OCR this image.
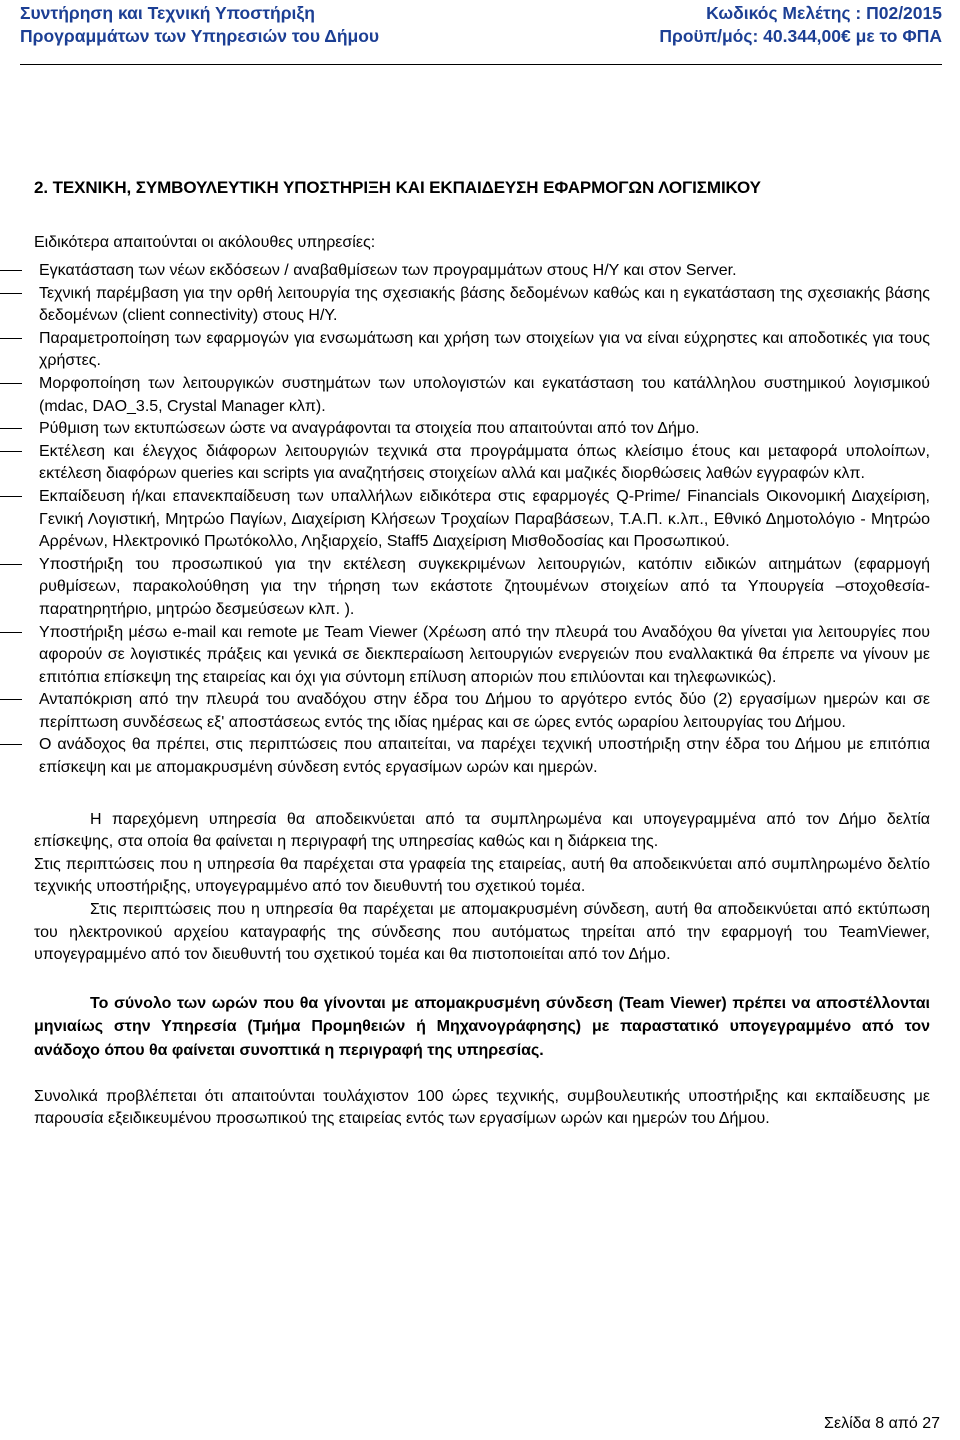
Συντήρηση και Τεχνική Υποστήριξη
Προγραμμάτων των Υπηρεσιών του Δήμου
Κωδικός Μελέτης : Π02/2015
Προϋπ/μός: 40.344,00€ με το ΦΠΑ
2. ΤΕΧΝΙΚΗ, ΣΥΜΒΟΥΛΕΥΤΙΚΗ ΥΠΟΣΤΗΡΙΞΗ ΚΑΙ ΕΚΠΑΙΔΕΥΣΗ ΕΦΑΡΜΟΓΩΝ ΛΟΓΙΣΜΙΚΟΥ

Ειδικότερα απαιτούνται οι ακόλουθες υπηρεσίες:

Εγκατάσταση των νέων εκδόσεων / αναβαθμίσεων των προγραμμάτων στους Η/Υ και στον Server.
Τεχνική παρέμβαση για την ορθή λειτουργία της σχεσιακής βάσης δεδομένων καθώς και η εγκατάσταση της σχεσιακής βάσης δεδομένων (client connectivity) στους Η/Υ.
Παραμετροποίηση των εφαρμογών για ενσωμάτωση και χρήση των στοιχείων για να είναι εύχρηστες και αποδοτικές για τους χρήστες.
Μορφοποίηση των λειτουργικών συστημάτων των υπολογιστών και εγκατάσταση του κατάλληλου συστημικού λογισμικού (mdac, DAO_3.5, Crystal Manager κλπ).
Ρύθμιση των εκτυπώσεων ώστε να αναγράφονται τα στοιχεία που απαιτούνται από τον Δήμο.
Εκτέλεση και έλεγχος διάφορων λειτουργιών τεχνικά στα προγράμματα όπως κλείσιμο έτους και μεταφορά υπολοίπων, εκτέλεση διαφόρων queries και scripts για αναζητήσεις στοιχείων αλλά και μαζικές διορθώσεις λαθών εγγραφών κλπ.
Εκπαίδευση ή/και επανεκπαίδευση των υπαλλήλων ειδικότερα στις εφαρμογές Q-Prime/ Financials Οικονομική Διαχείριση, Γενική Λογιστική, Μητρώο Παγίων, Διαχείριση Κλήσεων Τροχαίων Παραβάσεων, Τ.Α.Π. κ.λπ., Εθνικό Δημοτολόγιο - Μητρώο Αρρένων, Ηλεκτρονικό Πρωτόκολλο, Ληξιαρχείο, Staff5 Διαχείριση Μισθοδοσίας και Προσωπικού.
Υποστήριξη του προσωπικού για την εκτέλεση συγκεκριμένων λειτουργιών, κατόπιν ειδικών αιτημάτων (εφαρμογή ρυθμίσεων, παρακολούθηση για την τήρηση των εκάστοτε ζητουμένων στοιχείων από τα Υπουργεία –στοχοθεσία- παρατηρητήριο, μητρώο δεσμεύσεων κλπ. ).
Υποστήριξη μέσω e-mail και remote με Team Viewer (Χρέωση από την πλευρά του Αναδόχου θα γίνεται για λειτουργίες που αφορούν σε λογιστικές πράξεις και γενικά σε διεκπεραίωση λειτουργιών ενεργειών που εναλλακτικά θα έπρεπε να γίνουν με επιτόπια επίσκεψη της εταιρείας και όχι για σύντομη επίλυση απoριών που επιλύονται και τηλεφωνικώς).
Ανταπόκριση από την πλευρά του αναδόχου στην έδρα του Δήμου το αργότερο εντός δύο (2) εργασίμων ημερών και σε περίπτωση συνδέσεως εξ' αποστάσεως εντός της ιδίας ημέρας και σε ώρες εντός ωραρίου λειτουργίας του Δήμου.
Ο ανάδοχος θα πρέπει, στις περιπτώσεις που απαιτείται, να παρέχει τεχνική υποστήριξη στην έδρα του Δήμου με επιτόπια επίσκεψη και με απομακρυσμένη σύνδεση εντός εργασίμων ωρών και ημερών.

Η παρεχόμενη υπηρεσία θα αποδεικνύεται από τα συμπληρωμένα και υπογεγραμμένα από τον Δήμο δελτία επίσκεψης, στα οποία θα φαίνεται η περιγραφή της υπηρεσίας καθώς και η διάρκεια της.

Στις περιπτώσεις που η υπηρεσία θα παρέχεται στα γραφεία της εταιρείας, αυτή θα αποδεικνύεται από συμπληρωμένο δελτίο τεχνικής υποστήριξης, υπογεγραμμένο από τον διευθυντή του σχετικού τομέα.

Στις περιπτώσεις που η υπηρεσία θα παρέχεται με απομακρυσμένη σύνδεση, αυτή θα αποδεικνύεται από εκτύπωση του ηλεκτρονικού αρχείου καταγραφής της σύνδεσης που αυτόματως τηρείται από την εφαρμογή του TeamViewer, υπογεγραμμένο από τον διευθυντή του σχετικού τομέα και θα πιστοποιείται από τον Δήμο.

Το σύνολο των ωρών που θα γίνονται με απομακρυσμένη σύνδεση (Team Viewer) πρέπει να αποστέλλονται μηνιαίως στην Υπηρεσία (Τμήμα Προμηθειών ή Μηχανογράφησης) με παραστατικό υπογεγραμμένο από τον ανάδοχο όπου θα φαίνεται συνοπτικά η περιγραφή της υπηρεσίας.

Συνολικά προβλέπεται ότι απαιτούνται τουλάχιστον 100 ώρες τεχνικής, συμβουλευτικής υποστήριξης και εκπαίδευσης με παρουσία εξειδικευμένου προσωπικού της εταιρείας εντός των εργασίμων ωρών και ημερών του Δήμου.

Σελίδα 8 από 27
